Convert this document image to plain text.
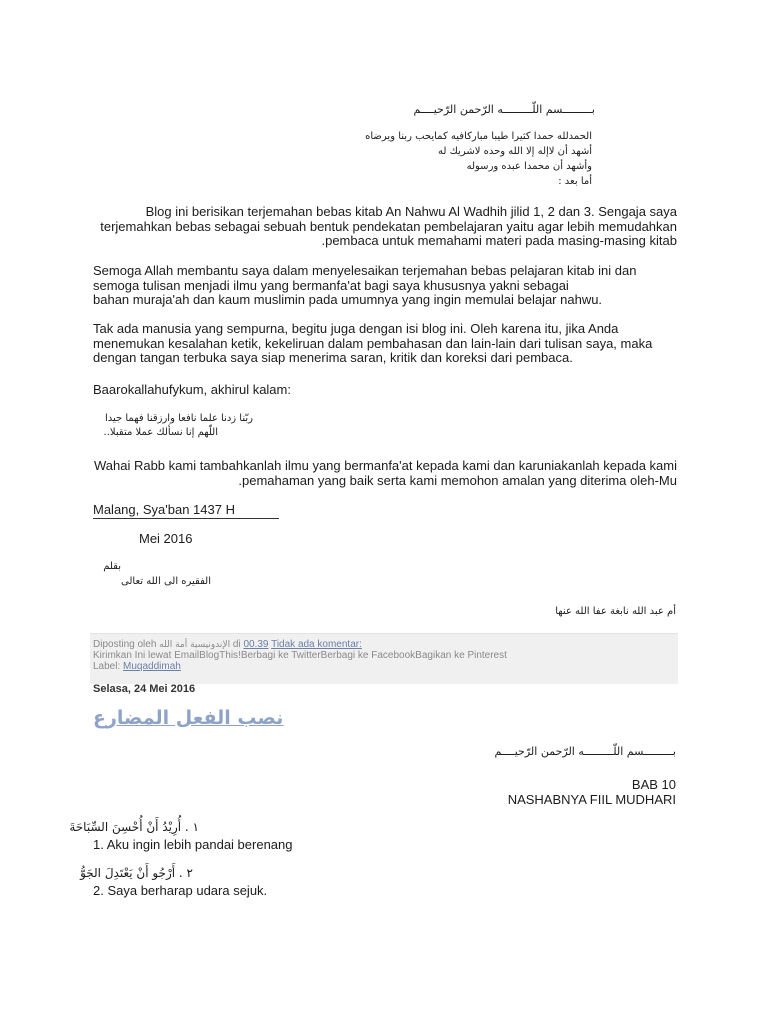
بـــــــــسم اللّـــــــــه الرّحمن الرّحيــــم
الحمدلله حمدا كثيرا طيبا مباركافيه كمايحب ربنا ويرضاه
أشهد أن لاإله إلا الله وحده لاشريك له
وأشهد أن محمدا عبده ورسوله
أما بعد :
Blog ini berisikan terjemahan bebas kitab An Nahwu Al Wadhih jilid 1, 2 dan 3. Sengaja saya
terjemahkan bebas sebagai sebuah bentuk pendekatan pembelajaran yaitu agar lebih memudahkan
.pembaca untuk memahami materi pada masing-masing kitab
Semoga Allah membantu saya dalam menyelesaikan terjemahan bebas pelajaran kitab ini dan
semoga tulisan menjadi ilmu yang bermanfa'at bagi saya khususnya yakni sebagai
bahan muraja'ah dan kaum muslimin pada umumnya yang ingin memulai belajar nahwu.
Tak ada manusia yang sempurna, begitu juga dengan isi blog ini. Oleh karena itu, jika Anda
menemukan kesalahan ketik, kekeliruan dalam pembahasan dan lain-lain dari tulisan saya, maka
dengan tangan terbuka saya siap menerima saran, kritik dan koreksi dari pembaca.
Baarokallahufykum, akhirul kalam:
ربّنا زدنا علما نافعا وارزقنا فهما جيدا
اللّهم إنا نسألك عملا متقبلا..
Wahai Rabb kami tambahkanlah ilmu yang bermanfa'at kepada kami dan karuniakanlah kepada kami
.pemahaman yang baik serta kami memohon amalan yang diterima oleh-Mu
Malang, Sya'ban 1437 H
Mei 2016
بقلم
الفقيره الى الله تعالى
أم عبد الله نابغة عفا الله عنها
Diposting oleh الإندونيسية أمة الله di 00.39 Tidak ada komentar:
Kirimkan Ini lewat EmailBlogThis!Berbagi ke TwitterBerbagi ke FacebookBagikan ke Pinterest
Label: Muqaddimah
Selasa, 24 Mei 2016
نصب الفعل المضارع
بـــــــــسم اللّـــــــــه الرّحمن الرّحيــــم
BAB 10
NASHABNYA FIIL MUDHARI
١ . أُرِيْدُ أَنْ أُحْسِنَ السِّبَاحَةَ
1. Aku ingin lebih pandai berenang
٢ . أَرْجُو أَنْ يَعْتَدِلَ الجَوُّ
2. Saya berharap udara sejuk.
